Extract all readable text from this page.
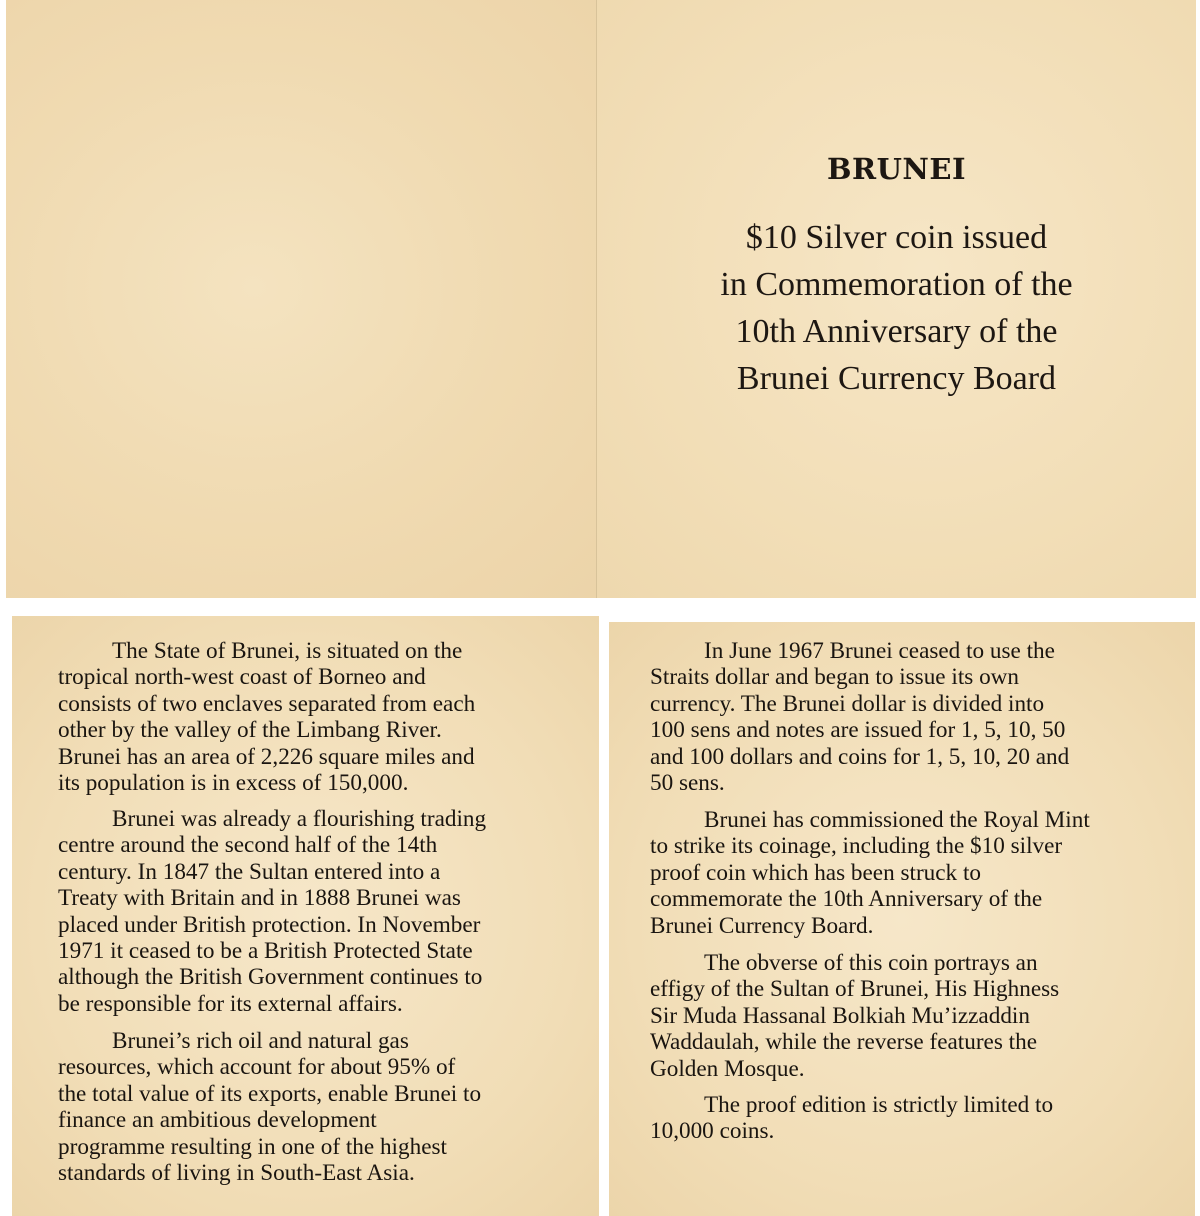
BRUNEI
$10 Silver coin issued
in Commemoration of the
10th Anniversary of the
Brunei Currency Board
The State of Brunei, is situated on the
tropical north-west coast of Borneo and
consists of two enclaves separated from each
other by the valley of the Limbang River.
Brunei has an area of 2,226 square miles and
its population is in excess of 150,000.
Brunei was already a flourishing trading
centre around the second half of the 14th
century. In 1847 the Sultan entered into a
Treaty with Britain and in 1888 Brunei was
placed under British protection. In November
1971 it ceased to be a British Protected State
although the British Government continues to
be responsible for its external affairs.
Brunei’s rich oil and natural gas
resources, which account for about 95% of
the total value of its exports, enable Brunei to
finance an ambitious development
programme resulting in one of the highest
standards of living in South-East Asia.
In June 1967 Brunei ceased to use the
Straits dollar and began to issue its own
currency. The Brunei dollar is divided into
100 sens and notes are issued for 1, 5, 10, 50
and 100 dollars and coins for 1, 5, 10, 20 and
50 sens.
Brunei has commissioned the Royal Mint
to strike its coinage, including the $10 silver
proof coin which has been struck to
commemorate the 10th Anniversary of the
Brunei Currency Board.
The obverse of this coin portrays an
effigy of the Sultan of Brunei, His Highness
Sir Muda Hassanal Bolkiah Mu’izzaddin
Waddaulah, while the reverse features the
Golden Mosque.
The proof edition is strictly limited to
10,000 coins.
